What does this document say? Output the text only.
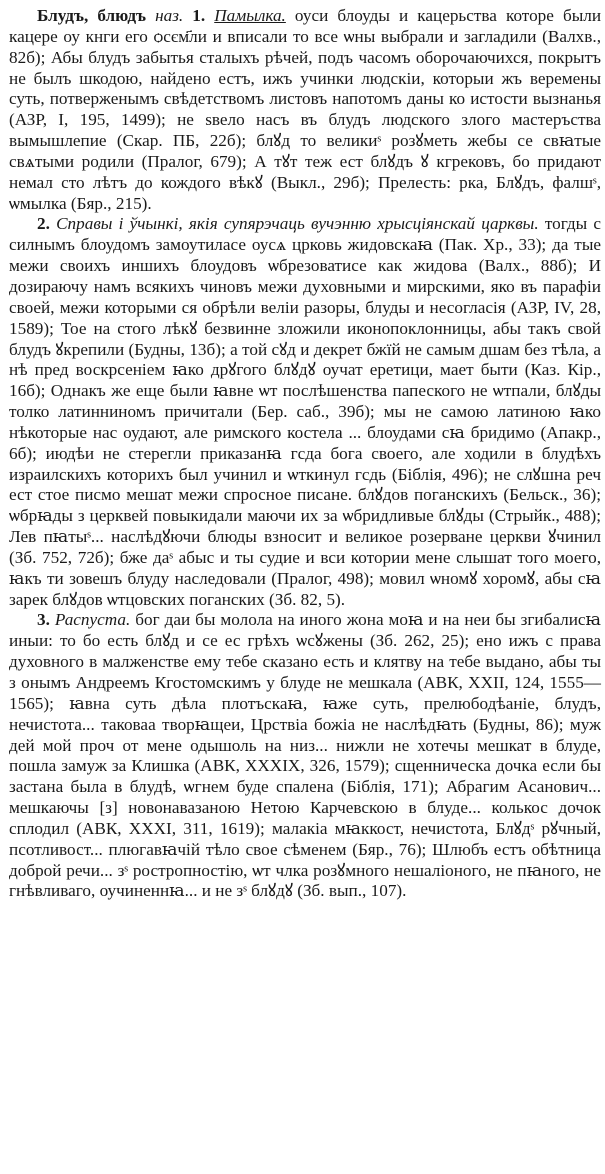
Блудъ, блюдъ наз. 1. Памылка. оуси блоуды и кацерьства которе были кацере оу кнги его ѻсєм҃ли и вписали то все ѡны выбрали и загладили (Валхв., 82б); Абы блудъ забытья сталыхъ рѣчей, подъ часомъ оборочаючихся, покрытъ не былъ шкодою, найдено естъ, ижъ учинки людскіи, которыи жъ веремены суть, потверженымъ свѣдетствомъ листовъ напотомъ даны ко истости вызнанья (АЗР, І, 195, 1499); не ѕвело насъ въ блудъ людского злого мастеръства вымышлепие (Скар. ПБ, 22б); блꙋд то великиˢ розꙋметь жебы се свꙗтые свѧтыми родили (Пралог, 679); А тꙋт теж ест блꙋдъ ꙋ кгрековъ, бо придают немал сто лѣтъ до кождого вѣкꙋ (Выкл., 29б); Прелесть: рка, Блꙋдъ, фалшˢ, ѡмылка (Бяр., 215).

2. Справы і ўчынкі, якія супярэчаць вучэнню хрысціянскай царквы. тогды с силнымъ блоудомъ замоутиласе оусѧ црковь жидовскаꙗ (Пак. Хр., 33); да тые межи своихъ иншихъ блоудовъ ѡбрезоватисе как жидова (Валх., 88б); И дозираючу намъ всякихъ чиновъ межи духовными и мирскими, яко въ парафіи своей, межи которыми ся обрѣли веліи разоры, блуды и несогласія (АЗР, IV, 28, 1589); Тое на стого лѣкꙋ безвинне зложили иконопоклонницы, абы такъ свой блудъ ꙋкрепили (Будны, 13б); а той сꙋд и декрет бжїй не самым дшам без тѣла, а нѣ пред воскрсеніем ꙗко дрꙋгого блꙋдꙋ оучат еретици, мает быти (Каз. Кір., 16б); Однакъ же еще были ꙗвне ѡт послѣшенства папеского не ѡтпали, блꙋды толко латинниномъ причитали (Бер. саб., 39б); мы не самою латиною ꙗко нѣкоторые нас оудают, але римского костела ... блоудами сꙗ бридимо (Апакр., 6б); июдѣи не стерегли приказанꙗ гсда бога своего, але ходили в блудѣхъ израилскихъ которихъ был учинил и ѡткинул гсдь (Біблія, 496); не слꙋшна реч ест стое писмо мешат межи спросное писане. блꙋдов поганскихъ (Бельск., 36); ѡбрꙗды з церквей повыкидали маючи их за ѡбридливые блꙋды (Стрыйк., 488); Лев пꙗтыˢ... наслѣдꙋючи блюды взносит и великое розерване церкви ꙋчинил (Зб. 752, 72б); бже даˢ абыс и ты судие и вси котории мене слышат того моего, ꙗкъ ти зовешъ блуду наследовали (Пралог, 498); мовил ѡномꙋ хоромꙋ, абы сꙗ зарек блꙋдов ѡтцовских поганских (Зб. 82, 5).

3. Распуста. бог даи бы молола на иного жона моꙗ и на неи бы згибалисꙗ иныи: то бо есть блꙋд и се ес грѣхъ ѡсꙋжены (Зб. 262, 25); ено ижъ с права духовного в малженстве ему тебе сказано есть и клятву на тебе выдано, абы ты з онымъ Андреемъ Кгостомскимъ у блуде не мешкала (АВК, XXII, 124, 1555—1565); ꙗвна суть дѣла плотъскаꙗ, ꙗже суть, прелюбодѣаніе, блудъ, нечистота... таковаа творꙗщеи, Црствіа божіа не наслѣдꙗть (Будны, 86); муж дей мой проч от мене одышоль на низ... нижли не хотечы мешкат в блуде, пошла замуж за Клишка (АВК, XXXIX, 326, 1579); сщенническа дочка если бы застана была в блудѣ, ѡгнем буде спалена (Біблія, 171); Абрагим Асанович... мешкаючы [з] новонавазаною Нетою Карчевскою в блуде... колькос дочок сплодил (АВК, XXXI, 311, 1619); малакіа мꙗккост, нечистота, Блꙋдˢ рꙋчный, псотливост... плюгавꙗчій тѣло свое сѣменем (Бяр., 76); Шлюбъ естъ обѣтница доброй речи... зˢ ростропностію, ѡт члка розꙋмного нешаліоного, не пꙗного, не гнѣвливаго, оучиненнꙗ... и не зˢ блꙋдꙋ (Зб. вып., 107).
